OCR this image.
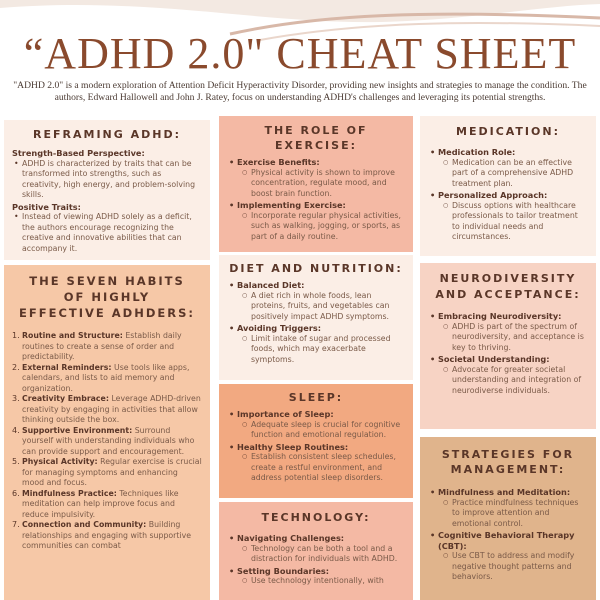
“ADHD 2.0" CHEAT SHEET
"ADHD 2.0" is a modern exploration of Attention Deficit Hyperactivity Disorder, providing new insights and strategies to manage the condition. The authors, Edward Hallowell and John J. Ratey, focus on understanding ADHD's challenges and leveraging its potential strengths.
REFRAMING ADHD:
Strength-Based Perspective:
• ADHD is characterized by traits that can be transformed into strengths, such as creativity, high energy, and problem-solving skills.
Positive Traits:
• Instead of viewing ADHD solely as a deficit, the authors encourage recognizing the creative and innovative abilities that can accompany it.
THE SEVEN HABITS OF HIGHLY EFFECTIVE ADHDERS:
1. Routine and Structure: Establish daily routines to create a sense of order and predictability.
2. External Reminders: Use tools like apps, calendars, and lists to aid memory and organization.
3. Creativity Embrace: Leverage ADHD-driven creativity by engaging in activities that allow thinking outside the box.
4. Supportive Environment: Surround yourself with understanding individuals who can provide support and encouragement.
5. Physical Activity: Regular exercise is crucial for managing symptoms and enhancing mood and focus.
6. Mindfulness Practice: Techniques like meditation can help improve focus and reduce impulsivity.
7. Connection and Community: Building relationships and engaging with supportive communities can combat
THE ROLE OF EXERCISE:
• Exercise Benefits:
○ Physical activity is shown to improve concentration, regulate mood, and boost brain function.
• Implementing Exercise:
○ Incorporate regular physical activities, such as walking, jogging, or sports, as part of a daily routine.
DIET AND NUTRITION:
• Balanced Diet:
○ A diet rich in whole foods, lean proteins, fruits, and vegetables can positively impact ADHD symptoms.
• Avoiding Triggers:
○ Limit intake of sugar and processed foods, which may exacerbate symptoms.
SLEEP:
• Importance of Sleep:
○ Adequate sleep is crucial for cognitive function and emotional regulation.
• Healthy Sleep Routines:
○ Establish consistent sleep schedules, create a restful environment, and address potential sleep disorders.
TECHNOLOGY:
• Navigating Challenges:
○ Technology can be both a tool and a distraction for individuals with ADHD.
• Setting Boundaries:
○ Use technology intentionally, with
MEDICATION:
• Medication Role:
○ Medication can be an effective part of a comprehensive ADHD treatment plan.
• Personalized Approach:
○ Discuss options with healthcare professionals to tailor treatment to individual needs and circumstances.
NEURODIVERSITY AND ACCEPTANCE:
• Embracing Neurodiversity:
○ ADHD is part of the spectrum of neurodiversity, and acceptance is key to thriving.
• Societal Understanding:
○ Advocate for greater societal understanding and integration of neurodiverse individuals.
STRATEGIES FOR MANAGEMENT:
• Mindfulness and Meditation:
○ Practice mindfulness techniques to improve attention and emotional control.
• Cognitive Behavioral Therapy (CBT):
○ Use CBT to address and modify negative thought patterns and behaviors.
